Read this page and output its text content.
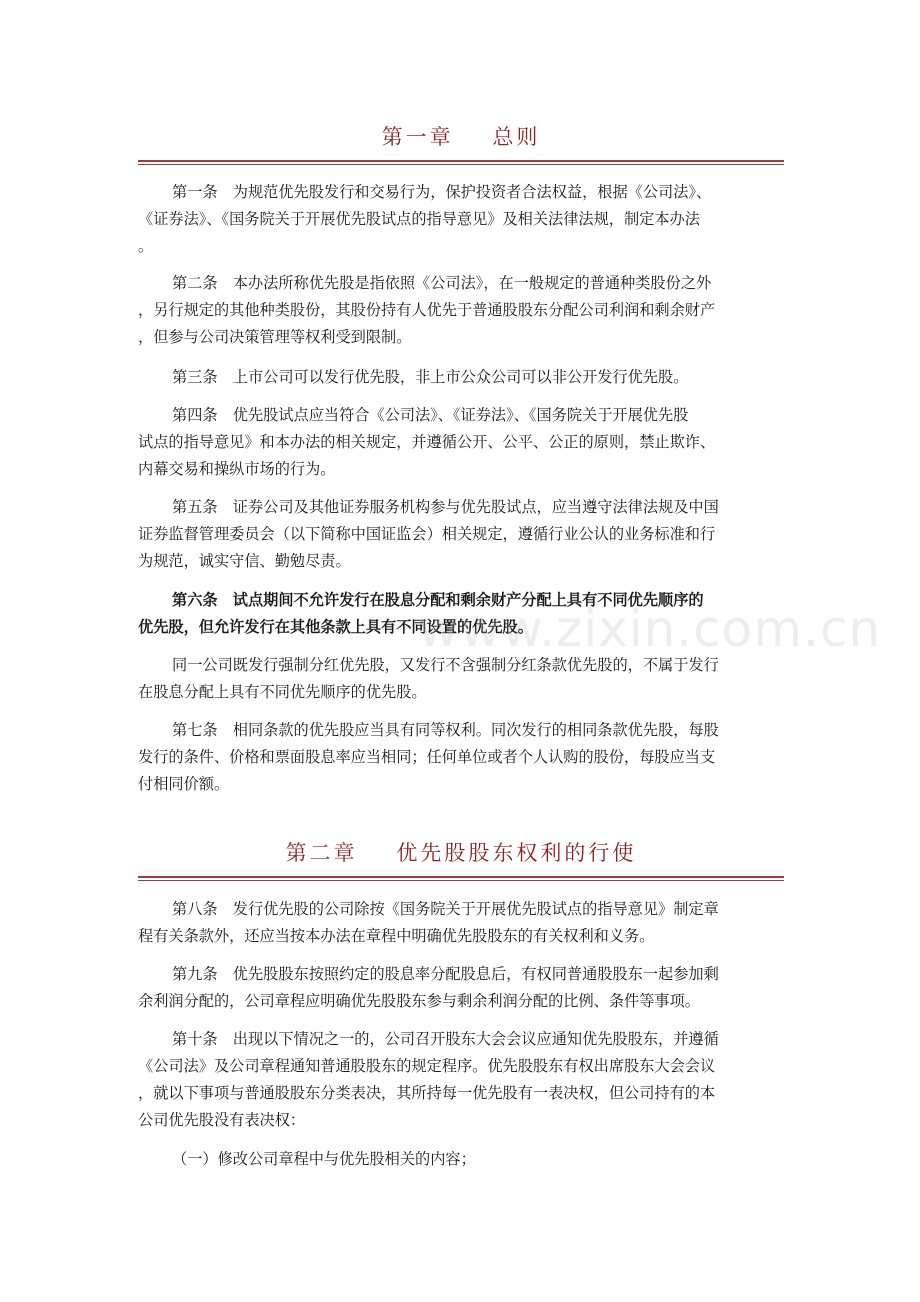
第一章    总则
第一条　为规范优先股发行和交易行为，保护投资者合法权益，根据《公司法》、
《证券法》、《国务院关于开展优先股试点的指导意见》及相关法律法规，制定本办法
。
第二条　本办法所称优先股是指依照《公司法》，在一般规定的普通种类股份之外
，另行规定的其他种类股份，其股份持有人优先于普通股股东分配公司利润和剩余财产
，但参与公司决策管理等权利受到限制。
第三条　上市公司可以发行优先股，非上市公众公司可以非公开发行优先股。
第四条　优先股试点应当符合《公司法》、《证券法》、《国务院关于开展优先股
试点的指导意见》和本办法的相关规定，并遵循公开、公平、公正的原则，禁止欺诈、
内幕交易和操纵市场的行为。
第五条　证券公司及其他证券服务机构参与优先股试点，应当遵守法律法规及中国
证券监督管理委员会（以下简称中国证监会）相关规定，遵循行业公认的业务标准和行
为规范，诚实守信、勤勉尽责。
第六条　试点期间不允许发行在股息分配和剩余财产分配上具有不同优先顺序的
优先股，但允许发行在其他条款上具有不同设置的优先股。
同一公司既发行强制分红优先股，又发行不含强制分红条款优先股的，不属于发行
在股息分配上具有不同优先顺序的优先股。
第七条　相同条款的优先股应当具有同等权利。同次发行的相同条款优先股，每股
发行的条件、价格和票面股息率应当相同；任何单位或者个人认购的股份，每股应当支
付相同价额。
第二章    优先股股东权利的行使
第八条　发行优先股的公司除按《国务院关于开展优先股试点的指导意见》制定章
程有关条款外，还应当按本办法在章程中明确优先股股东的有关权利和义务。
第九条　优先股股东按照约定的股息率分配股息后，有权同普通股股东一起参加剩
余利润分配的，公司章程应明确优先股股东参与剩余利润分配的比例、条件等事项。
第十条　出现以下情况之一的，公司召开股东大会会议应通知优先股股东，并遵循
《公司法》及公司章程通知普通股股东的规定程序。优先股股东有权出席股东大会会议
，就以下事项与普通股股东分类表决，其所持每一优先股有一表决权，但公司持有的本
公司优先股没有表决权：
（一）修改公司章程中与优先股相关的内容；
www.zixin.com.cn
